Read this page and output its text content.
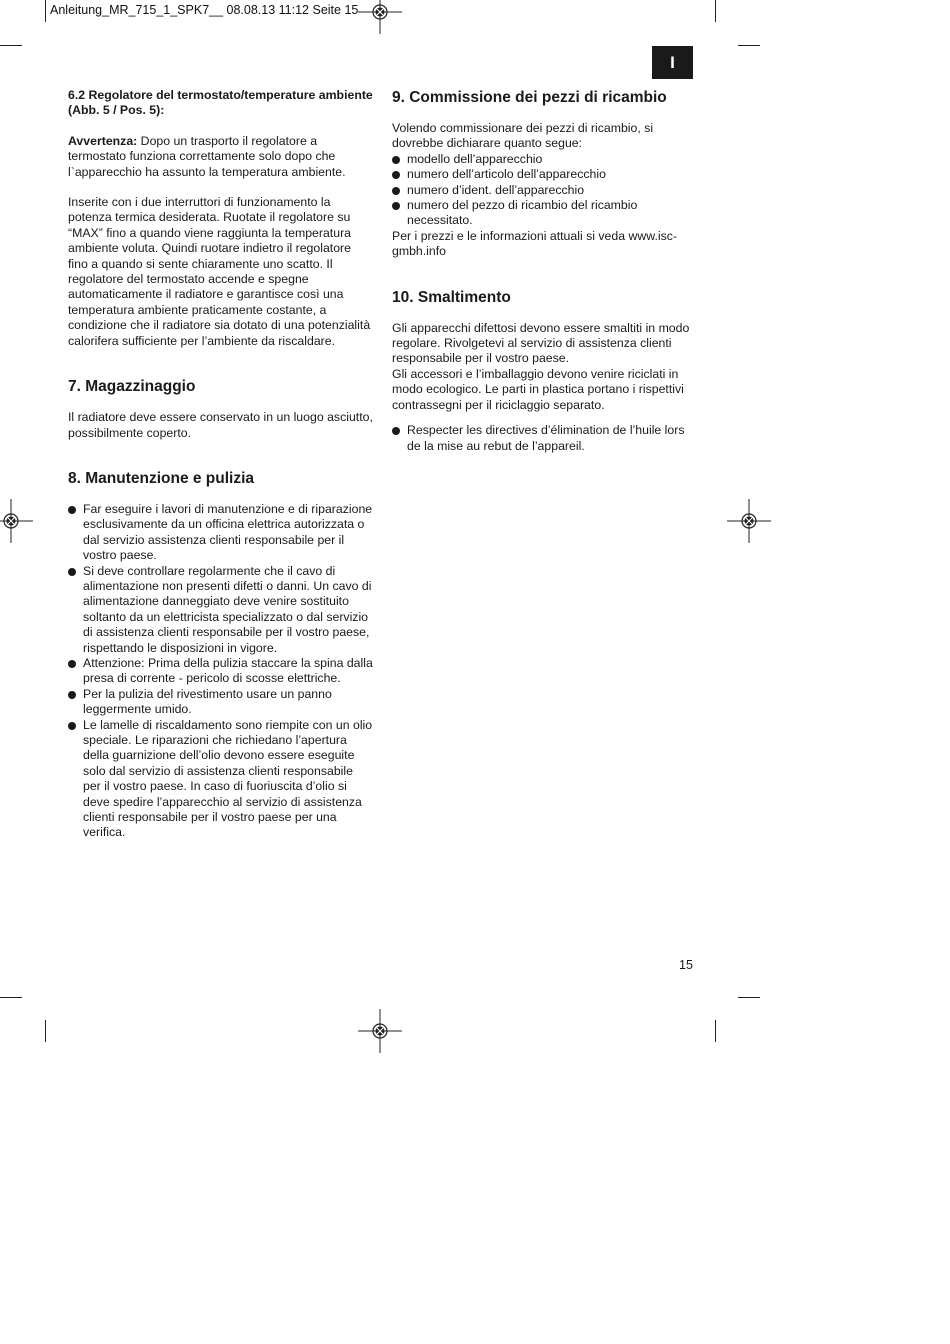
Anleitung_MR_715_1_SPK7__ 08.08.13 11:12 Seite 15
I
6.2 Regolatore del termostato/temperature ambiente (Abb. 5 / Pos. 5):

Avvertenza: Dopo un trasporto il regolatore a termostato funziona correttamente solo dopo che l`apparecchio ha assunto la temperatura ambiente.

Inserite con i due interruttori di funzionamento la potenza termica desiderata. Ruotate il regolatore su “MAX” fino a quando viene raggiunta la temperatura ambiente voluta. Quindi ruotare indietro il regolatore fino a quando si sente chiaramente uno scatto. Il regolatore del termostato accende e spegne automaticamente il radiatore e garantisce così una temperatura ambiente praticamente costante, a condizione che il radiatore sia dotato di una potenzialità calorifera sufficiente per l’ambiente da riscaldare.

7. Magazzinaggio

Il radiatore deve essere conservato in un luogo asciutto, possibilmente coperto.

8. Manutenzione e pulizia
Far eseguire i lavori di manutenzione e di riparazione esclusivamente da un officina elettrica autorizzata o dal servizio assistenza clienti responsabile per il vostro paese.
Si deve controllare regolarmente che il cavo di alimentazione non presenti difetti o danni. Un cavo di alimentazione danneggiato deve venire sostituito soltanto da un elettricista specializzato o dal servizio di assistenza clienti responsabile per il vostro paese, rispettando le disposizioni in vigore.
Attenzione: Prima della pulizia staccare la spina dalla presa di corrente - pericolo di scosse elettriche.
Per la pulizia del rivestimento usare un panno leggermente umido.
Le lamelle di riscaldamento sono riempite con un olio speciale. Le riparazioni che richiedano l’apertura della guarnizione dell’olio devono essere eseguite solo dal servizio di assistenza clienti responsabile per il vostro paese. In caso di fuoriuscita d’olio si deve spedire l’apparecchio al servizio di assistenza clienti responsabile per il vostro paese per una verifica.
9. Commissione dei pezzi di ricambio

Volendo commissionare dei pezzi di ricambio, si dovrebbe dichiarare quanto segue:

modello dell’apparecchio
numero dell’articolo dell’apparecchio
numero d’ident. dell’apparecchio
numero del pezzo di ricambio del ricambio necessitato.

Per i prezzi e le informazioni attuali si veda www.isc-gmbh.info

10. Smaltimento

Gli apparecchi difettosi devono essere smaltiti in modo regolare. Rivolgetevi al servizio di assistenza clienti responsabile per il vostro paese.

Gli accessori e l’imballaggio devono venire riciclati in modo ecologico. Le parti in plastica portano i rispettivi contrassegni per il riciclaggio separato.

Respecter les directives d’élimination de l’huile lors de la mise au rebut de l’appareil.
15
